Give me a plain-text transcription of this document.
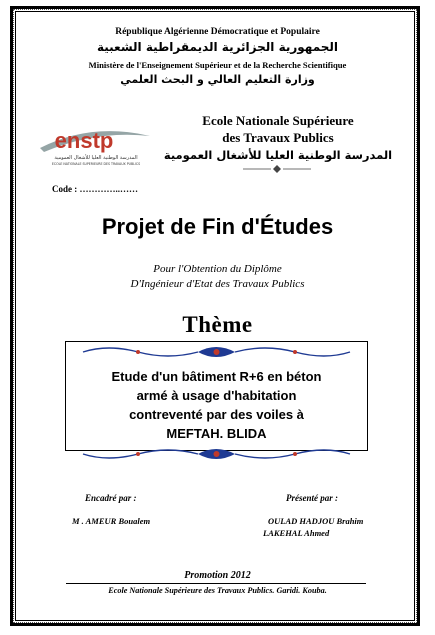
République Algérienne Démocratique et Populaire
الجمهورية الجزائرية الديمقراطية الشعبية
Ministère de l'Enseignement Supérieur et de la Recherche Scientifique
وزارة التعليم العالي و البحث العلمي
enstp
المدرسة الوطنية العليا للأشغال العمومية
ECOLE NATIONALE SUPERIEURE DES TRAVAUX PUBLICS
Ecole Nationale Supérieure
des Travaux Publics
المدرسة الوطنية العليا للأشغال العمومية
Code : …………..……
Projet de Fin d'Études
Pour l'Obtention du Diplôme
D'Ingénieur d'Etat des Travaux Publics
Thème
Etude d'un bâtiment R+6 en béton
armé à usage d'habitation
contreventé par des voiles à
MEFTAH. BLIDA
Encadré par :	Présenté par :
M . AMEUR Boualem	OULAD HADJOU Brahim
LAKEHAL Ahmed
Promotion 2012
Ecole Nationale Supérieure des Travaux Publics. Garidi. Kouba.
